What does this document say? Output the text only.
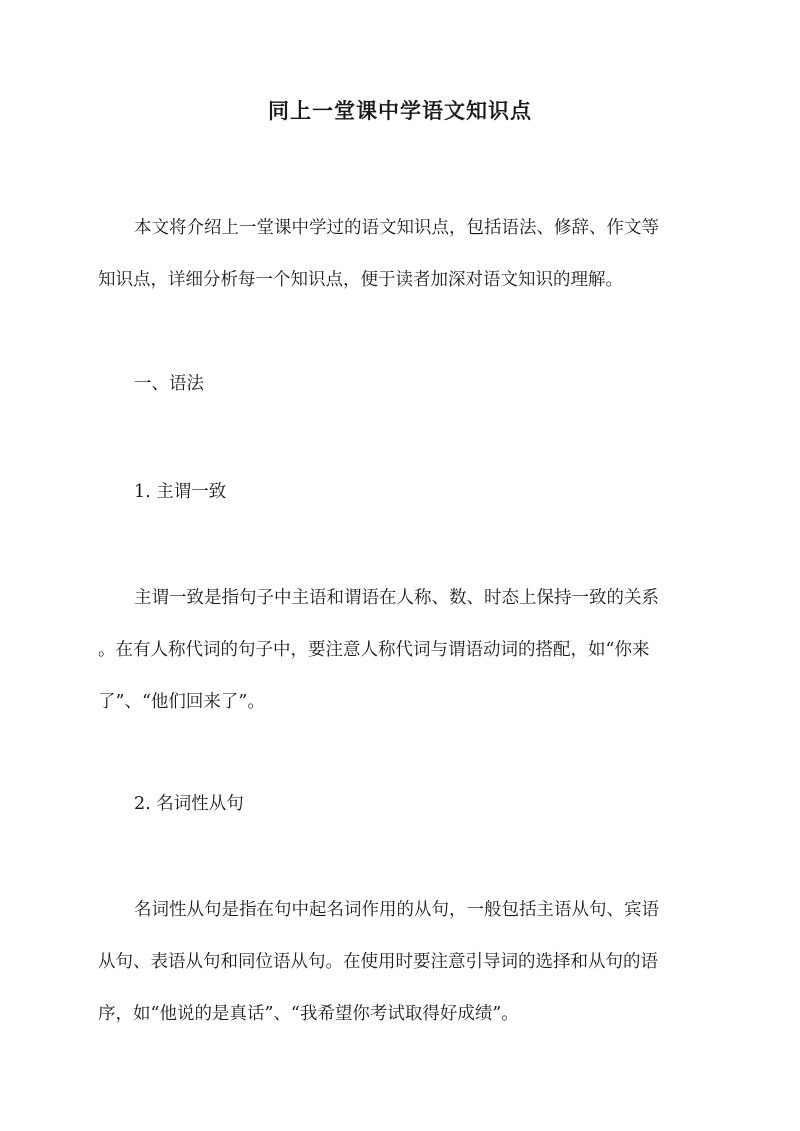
同上一堂课中学语文知识点
本文将介绍上一堂课中学过的语文知识点，包括语法、修辞、作文等
知识点，详细分析每一个知识点，便于读者加深对语文知识的理解。
一、语法
1. 主谓一致
主谓一致是指句子中主语和谓语在人称、数、时态上保持一致的关系
。在有人称代词的句子中，要注意人称代词与谓语动词的搭配，如“你来
了”、“他们回来了”。
2. 名词性从句
名词性从句是指在句中起名词作用的从句，一般包括主语从句、宾语
从句、表语从句和同位语从句。在使用时要注意引导词的选择和从句的语
序，如“他说的是真话”、“我希望你考试取得好成绩”。
